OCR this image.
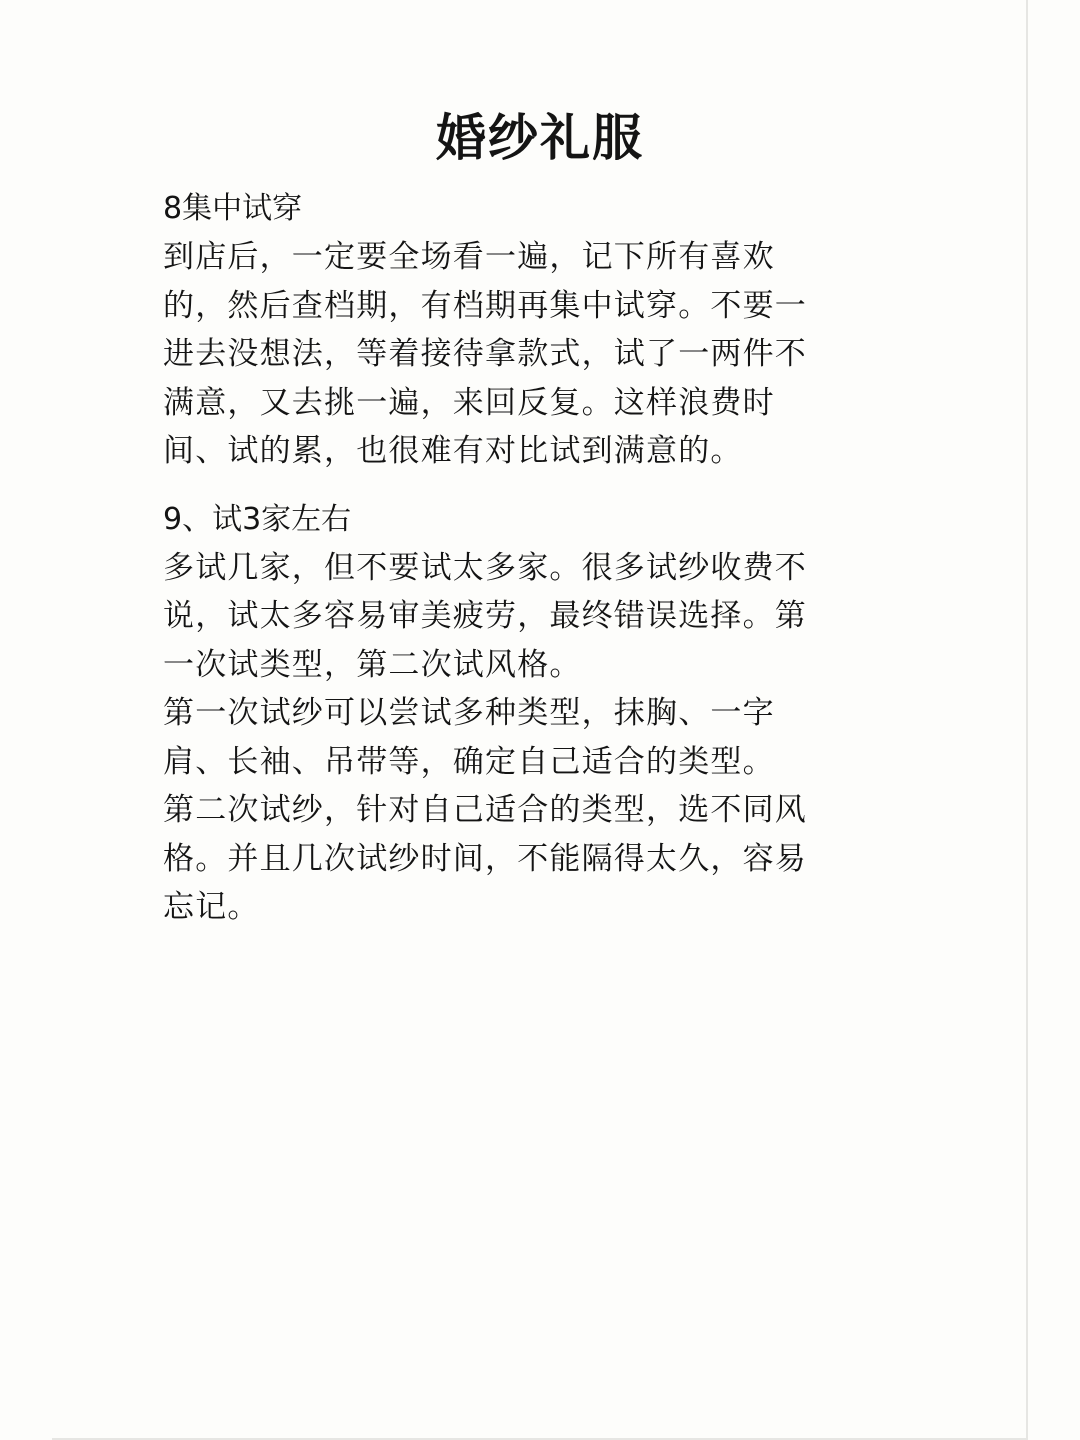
婚纱礼服
8集中试穿

到店后，一定要全场看一遍，记下所有喜欢的，然后查档期，有档期再集中试穿。不要一进去没想法，等着接待拿款式，试了一两件不满意，又去挑一遍，来回反复。这样浪费时间、试的累，也很难有对比试到满意的。

9、试3家左右

多试几家，但不要试太多家。很多试纱收费不说，试太多容易审美疲劳，最终错误选择。第一次试类型，第二次试风格。

第一次试纱可以尝试多种类型，抹胸、一字肩、长袖、吊带等，确定自己适合的类型。

第二次试纱，针对自己适合的类型，选不同风格。并且几次试纱时间，不能隔得太久，容易忘记。
